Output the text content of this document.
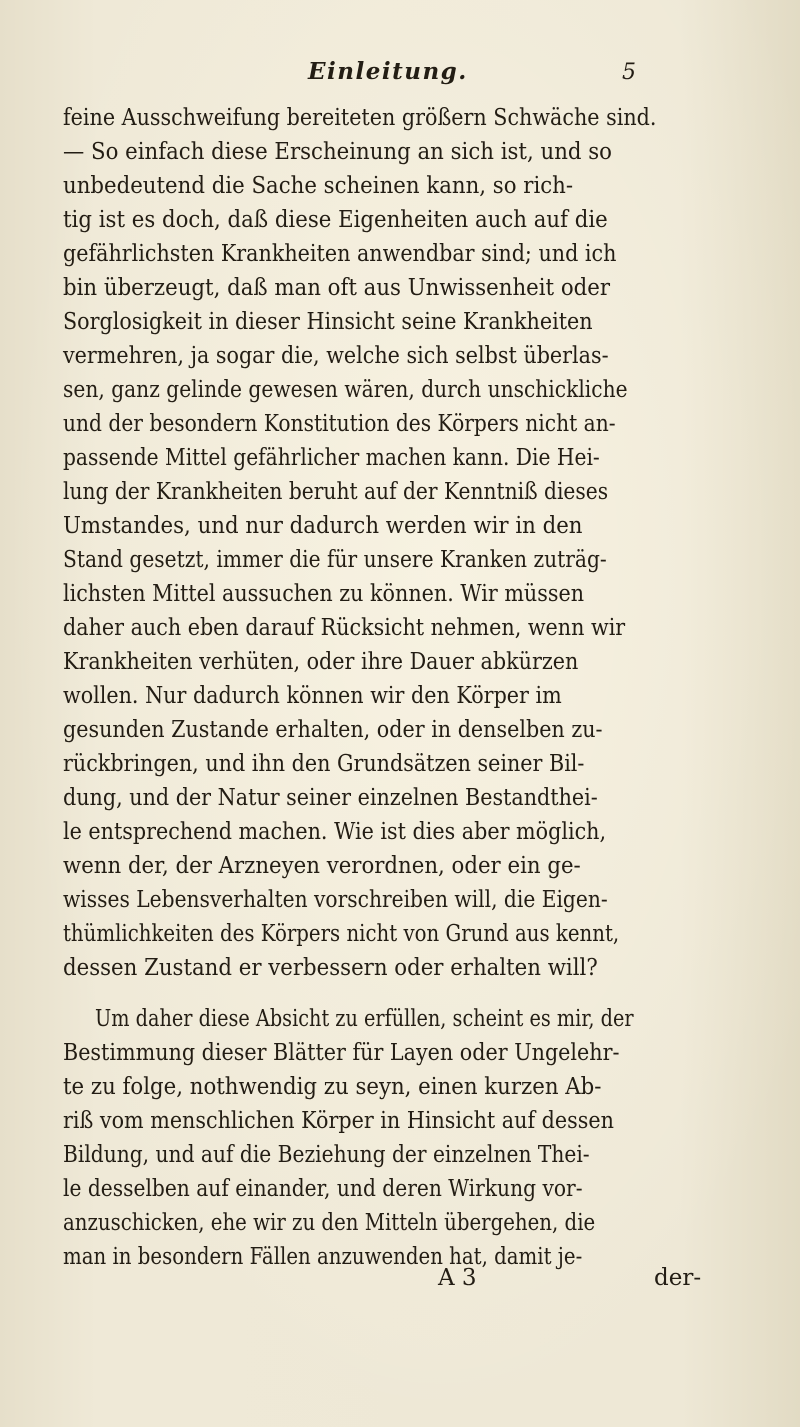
Einleitung.	5
feine Ausschweifung bereiteten größern Schwäche sind.
— So einfach diese Erscheinung an sich ist, und so
unbedeutend die Sache scheinen kann, so rich-
tig ist es doch, daß diese Eigenheiten auch auf die
gefährlichsten Krankheiten anwendbar sind; und ich
bin überzeugt, daß man oft aus Unwissenheit oder
Sorglosigkeit in dieser Hinsicht seine Krankheiten
vermehren, ja sogar die, welche sich selbst überlas-
sen, ganz gelinde gewesen wären, durch unschickliche
und der besondern Konstitution des Körpers nicht an-
passende Mittel gefährlicher machen kann. Die Hei-
lung der Krankheiten beruht auf der Kenntniß dieses
Umstandes, und nur dadurch werden wir in den
Stand gesetzt, immer die für unsere Kranken zuträg-
lichsten Mittel aussuchen zu können. Wir müssen
daher auch eben darauf Rücksicht nehmen, wenn wir
Krankheiten verhüten, oder ihre Dauer abkürzen
wollen. Nur dadurch können wir den Körper im
gesunden Zustande erhalten, oder in denselben zu-
rückbringen, und ihn den Grundsätzen seiner Bil-
dung, und der Natur seiner einzelnen Bestandthei-
le entsprechend machen. Wie ist dies aber möglich,
wenn der, der Arzneyen verordnen, oder ein ge-
wisses Lebensverhalten vorschreiben will, die Eigen-
thümlichkeiten des Körpers nicht von Grund aus kennt,
dessen Zustand er verbessern oder erhalten will?
Um daher diese Absicht zu erfüllen, scheint es mir, der
Bestimmung dieser Blätter für Layen oder Ungelehr-
te zu folge, nothwendig zu seyn, einen kurzen Ab-
riß vom menschlichen Körper in Hinsicht auf dessen
Bildung, und auf die Beziehung der einzelnen Thei-
le desselben auf einander, und deren Wirkung vor-
anzuschicken, ehe wir zu den Mitteln übergehen, die
man in besondern Fällen anzuwenden hat, damit je-
A 3	der-
